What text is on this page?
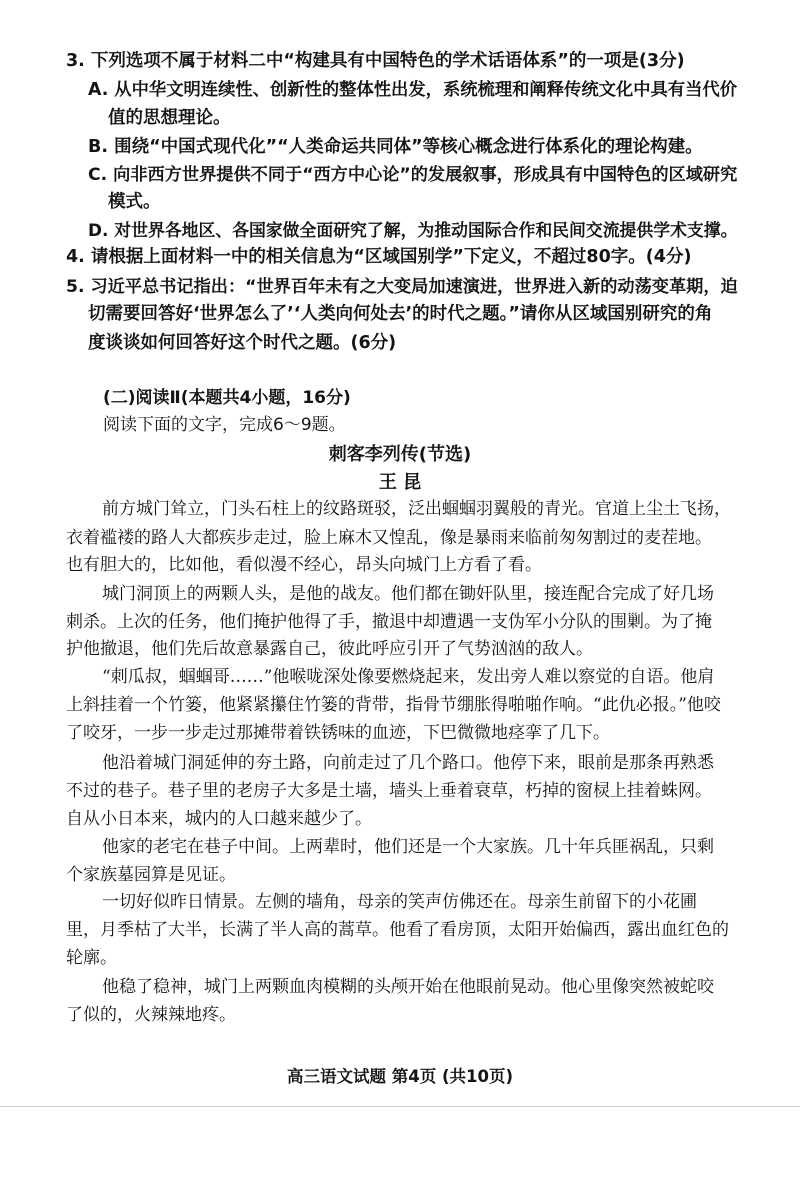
3. 下列选项不属于材料二中“构建具有中国特色的学术话语体系”的一项是(3分)
A. 从中华文明连续性、创新性的整体性出发，系统梳理和阐释传统文化中具有当代价
值的思想理论。
B. 围绕“中国式现代化”“人类命运共同体”等核心概念进行体系化的理论构建。
C. 向非西方世界提供不同于“西方中心论”的发展叙事，形成具有中国特色的区域研究
模式。
D. 对世界各地区、各国家做全面研究了解，为推动国际合作和民间交流提供学术支撑。
4. 请根据上面材料一中的相关信息为“区域国别学”下定义，不超过80字。(4分)
5. 习近平总书记指出：“世界百年未有之大变局加速演进，世界进入新的动荡变革期，迫
切需要回答好‘世界怎么了’‘人类向何处去’的时代之题。”请你从区域国别研究的角
度谈谈如何回答好这个时代之题。(6分)
(二)阅读Ⅱ(本题共4小题，16分)
阅读下面的文字，完成6～9题。
刺客李列传(节选)
王 昆
前方城门耸立，门头石柱上的纹路斑驳，泛出蝈蝈羽翼般的青光。官道上尘土飞扬，
衣着褴褛的路人大都疾步走过，脸上麻木又惶乱，像是暴雨来临前匆匆割过的麦茬地。
也有胆大的，比如他，看似漫不经心，昂头向城门上方看了看。
城门洞顶上的两颗人头，是他的战友。他们都在锄奸队里，接连配合完成了好几场
刺杀。上次的任务，他们掩护他得了手，撤退中却遭遇一支伪军小分队的围剿。为了掩
护他撤退，他们先后故意暴露自己，彼此呼应引开了气势汹汹的敌人。
“刺瓜叔，蝈蝈哥……”他喉咙深处像要燃烧起来，发出旁人难以察觉的自语。他肩
上斜挂着一个竹篓，他紧紧攥住竹篓的背带，指骨节绷胀得啪啪作响。“此仇必报。”他咬
了咬牙，一步一步走过那摊带着铁锈味的血迹，下巴微微地痉挛了几下。
他沿着城门洞延伸的夯土路，向前走过了几个路口。他停下来，眼前是那条再熟悉
不过的巷子。巷子里的老房子大多是土墙，墙头上垂着衰草，朽掉的窗棂上挂着蛛网。
自从小日本来，城内的人口越来越少了。
他家的老宅在巷子中间。上两辈时，他们还是一个大家族。几十年兵匪祸乱，只剩
个家族墓园算是见证。
一切好似昨日情景。左侧的墙角，母亲的笑声仿佛还在。母亲生前留下的小花圃
里，月季枯了大半，长满了半人高的蒿草。他看了看房顶，太阳开始偏西，露出血红色的
轮廓。
他稳了稳神，城门上两颗血肉模糊的头颅开始在他眼前晃动。他心里像突然被蛇咬
了似的，火辣辣地疼。
高三语文试题 第4页 (共10页)
